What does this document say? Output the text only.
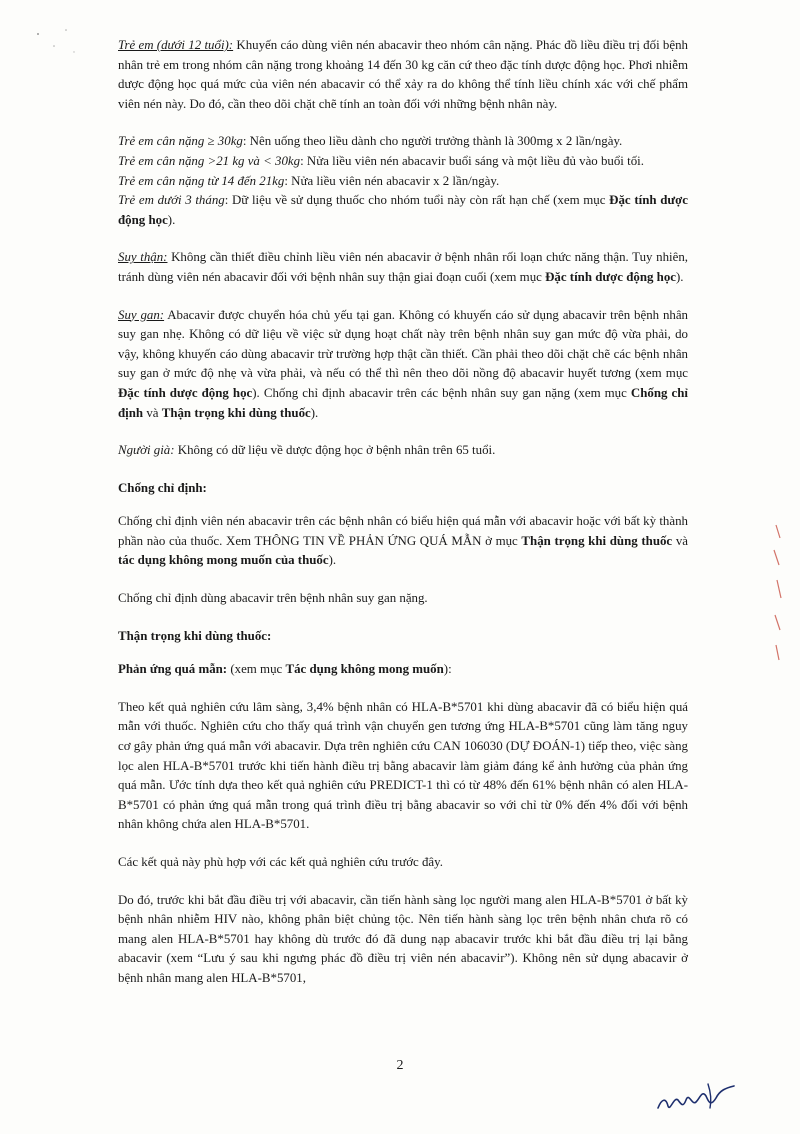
Trẻ em (dưới 12 tuổi): Khuyến cáo dùng viên nén abacavir theo nhóm cân nặng. Phác đồ liều điều trị đối bệnh nhân trẻ em trong nhóm cân nặng trong khoảng 14 đến 30 kg căn cứ theo đặc tính dược động học. Phơi nhiễm dược động học quá mức của viên nén abacavir có thể xảy ra do không thể tính liều chính xác với chế phẩm viên nén này. Do đó, cần theo dõi chặt chẽ tính an toàn đối với những bệnh nhân này.

Trẻ em cân nặng ≥ 30kg: Nên uống theo liều dành cho người trưởng thành là 300mg x 2 lần/ngày.

Trẻ em cân nặng >21 kg và < 30kg: Nửa liều viên nén abacavir buổi sáng và một liều đủ vào buổi tối.

Trẻ em cân nặng từ 14 đến 21kg: Nửa liều viên nén abacavir x 2 lần/ngày.

Trẻ em dưới 3 tháng: Dữ liệu về sử dụng thuốc cho nhóm tuổi này còn rất hạn chế (xem mục Đặc tính dược động học).

Suy thận: Không cần thiết điều chỉnh liều viên nén abacavir ở bệnh nhân rối loạn chức năng thận. Tuy nhiên, tránh dùng viên nén abacavir đối với bệnh nhân suy thận giai đoạn cuối (xem mục Đặc tính dược động học).

Suy gan: Abacavir được chuyển hóa chủ yếu tại gan. Không có khuyến cáo sử dụng abacavir trên bệnh nhân suy gan nhẹ. Không có dữ liệu về việc sử dụng hoạt chất này trên bệnh nhân suy gan mức độ vừa phải, do vậy, không khuyến cáo dùng abacavir trừ trường hợp thật cần thiết. Cần phải theo dõi chặt chẽ các bệnh nhân suy gan ở mức độ nhẹ và vừa phải, và nếu có thể thì nên theo dõi nồng độ abacavir huyết tương (xem mục Đặc tính dược động học). Chống chỉ định abacavir trên các bệnh nhân suy gan nặng (xem mục Chống chỉ định và Thận trọng khi dùng thuốc).

Người già: Không có dữ liệu về dược động học ở bệnh nhân trên 65 tuổi.

Chống chỉ định:

Chống chỉ định viên nén abacavir trên các bệnh nhân có biểu hiện quá mẫn với abacavir hoặc với bất kỳ thành phần nào của thuốc. Xem THÔNG TIN VỀ PHẢN ỨNG QUÁ MẪN ở mục Thận trọng khi dùng thuốc và tác dụng không mong muốn của thuốc).

Chống chỉ định dùng abacavir trên bệnh nhân suy gan nặng.

Thận trọng khi dùng thuốc:

Phản ứng quá mẫn: (xem mục Tác dụng không mong muốn):

Theo kết quả nghiên cứu lâm sàng, 3,4% bệnh nhân có HLA-B*5701 khi dùng abacavir đã có biểu hiện quá mẫn với thuốc. Nghiên cứu cho thấy quá trình vận chuyển gen tương ứng HLA-B*5701 cũng làm tăng nguy cơ gây phản ứng quá mẫn với abacavir. Dựa trên nghiên cứu CAN 106030 (DỰ ĐOÁN-1) tiếp theo, việc sàng lọc alen HLA-B*5701 trước khi tiến hành điều trị bằng abacavir làm giảm đáng kể ảnh hưởng của phản ứng quá mẫn. Ước tính dựa theo kết quả nghiên cứu PREDICT-1 thì có từ 48% đến 61% bệnh nhân có alen HLA-B*5701 có phản ứng quá mẫn trong quá trình điều trị bằng abacavir so với chỉ từ 0% đến 4% đối với bệnh nhân không chứa alen HLA-B*5701.

Các kết quả này phù hợp với các kết quả nghiên cứu trước đây.

Do đó, trước khi bắt đầu điều trị với abacavir, cần tiến hành sàng lọc người mang alen HLA-B*5701 ở bất kỳ bệnh nhân nhiễm HIV nào, không phân biệt chủng tộc. Nên tiến hành sàng lọc trên bệnh nhân chưa rõ có mang alen HLA-B*5701 hay không dù trước đó đã dung nạp abacavir trước khi bắt đầu điều trị lại bằng abacavir (xem “Lưu ý sau khi ngưng phác đồ điều trị viên nén abacavir”). Không nên sử dụng abacavir ở bệnh nhân mang alen HLA-B*5701,

2
